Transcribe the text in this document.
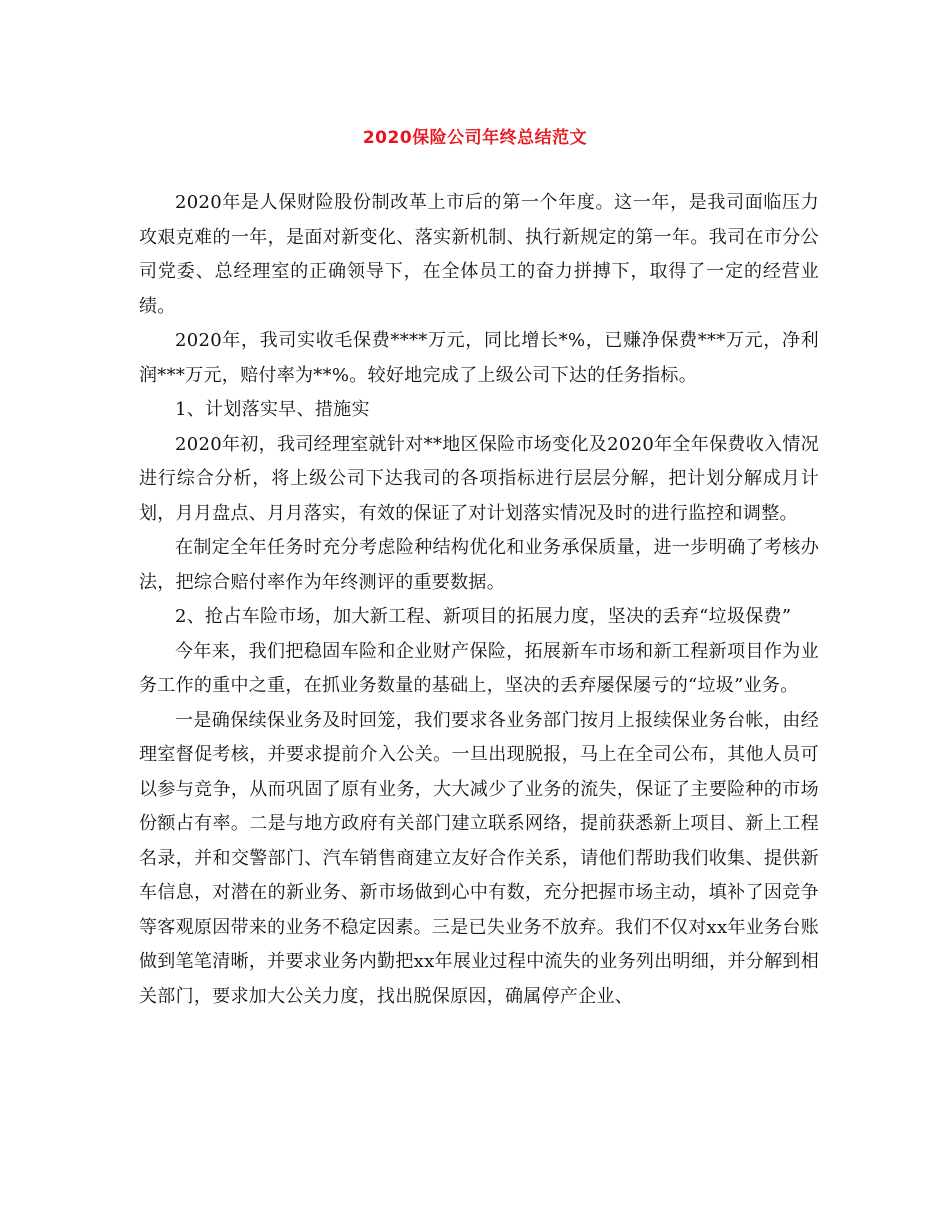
2020保险公司年终总结范文

2020年是人保财险股份制改革上市后的第一个年度。这一年，是我司面临压力攻艰克难的一年，是面对新变化、落实新机制、执行新规定的第一年。我司在市分公司党委、总经理室的正确领导下，在全体员工的奋力拼搏下，取得了一定的经营业绩。

2020年，我司实收毛保费****万元，同比增长*%，已赚净保费***万元，净利润***万元，赔付率为**%。较好地完成了上级公司下达的任务指标。

1、计划落实早、措施实

2020年初，我司经理室就针对**地区保险市场变化及2020年全年保费收入情况进行综合分析，将上级公司下达我司的各项指标进行层层分解，把计划分解成月计划，月月盘点、月月落实，有效的保证了对计划落实情况及时的进行监控和调整。

在制定全年任务时充分考虑险种结构优化和业务承保质量，进一步明确了考核办法，把综合赔付率作为年终测评的重要数据。

2、抢占车险市场，加大新工程、新项目的拓展力度，坚决的丢弃“垃圾保费”

今年来，我们把稳固车险和企业财产保险，拓展新车市场和新工程新项目作为业务工作的重中之重，在抓业务数量的基础上，坚决的丢弃屡保屡亏的“垃圾”业务。

一是确保续保业务及时回笼，我们要求各业务部门按月上报续保业务台帐，由经理室督促考核，并要求提前介入公关。一旦出现脱报，马上在全司公布，其他人员可以参与竞争，从而巩固了原有业务，大大减少了业务的流失，保证了主要险种的市场份额占有率。二是与地方政府有关部门建立联系网络，提前获悉新上项目、新上工程名录，并和交警部门、汽车销售商建立友好合作关系，请他们帮助我们收集、提供新车信息，对潜在的新业务、新市场做到心中有数，充分把握市场主动，填补了因竞争等客观原因带来的业务不稳定因素。三是已失业务不放弃。我们不仅对xx年业务台账做到笔笔清晰，并要求业务内勤把xx年展业过程中流失的业务列出明细，并分解到相关部门，要求加大公关力度，找出脱保原因，确属停产企业、
